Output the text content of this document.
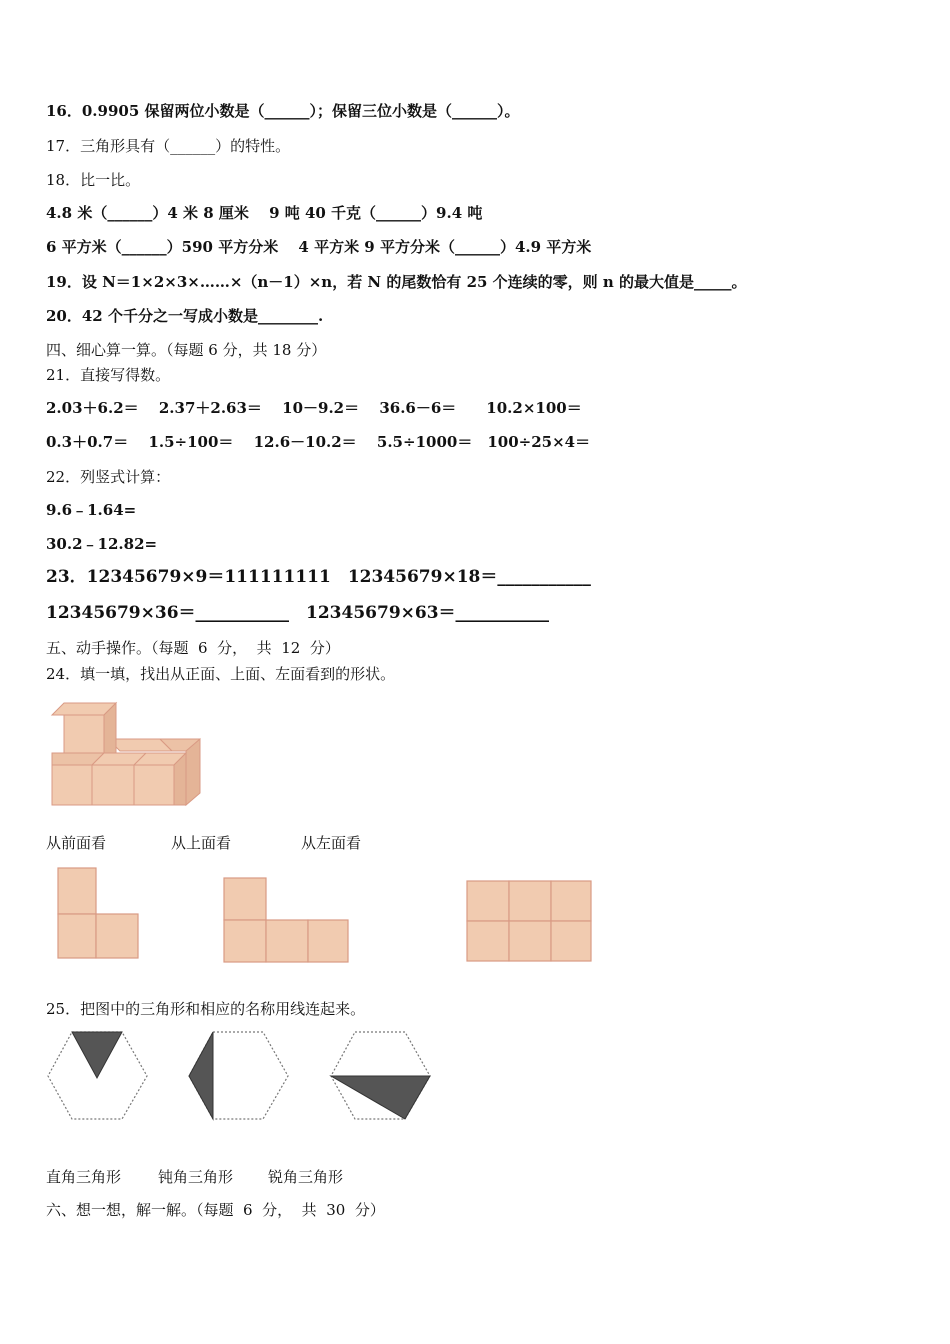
16．0.9905 保留两位小数是（______）；保留三位小数是（______）。
17．三角形具有（______）的特性。
18．比一比。
4.8 米（______）4 米 8 厘米　 9 吨 40 千克（______）9.4 吨
6 平方米（______）590 平方分米　 4 平方米 9 平方分米（______）4.9 平方米
19．设 N＝1×2×3×……×（n－1）×n，若 N 的尾数恰有 25 个连续的零，则 n 的最大值是_____。
20．42 个千分之一写成小数是________.
四、细心算一算。（每题 6 分，共 18 分）
21．直接写得数。
2.03＋6.2＝　 2.37＋2.63＝　 10－9.2＝　 36.6－6＝　　10.2×100＝
0.3＋0.7＝　 1.5÷100＝　 12.6－10.2＝　 5.5÷1000＝　100÷25×4＝
22．列竖式计算：
9.6﹣1.64=
30.2﹣12.82=
23．12345679×9＝111111111　12345679×18＝___________
12345679×36＝___________　12345679×63＝___________
五、动手操作。（每题  6  分，  共  12  分）
24．填一填，找出从正面、上面、左面看到的形状。
从前面看	从上面看	从左面看
25．把图中的三角形和相应的名称用线连起来。
直角三角形 钝角三角形 锐角三角形
六、想一想，解一解。（每题  6  分，  共  30  分）
